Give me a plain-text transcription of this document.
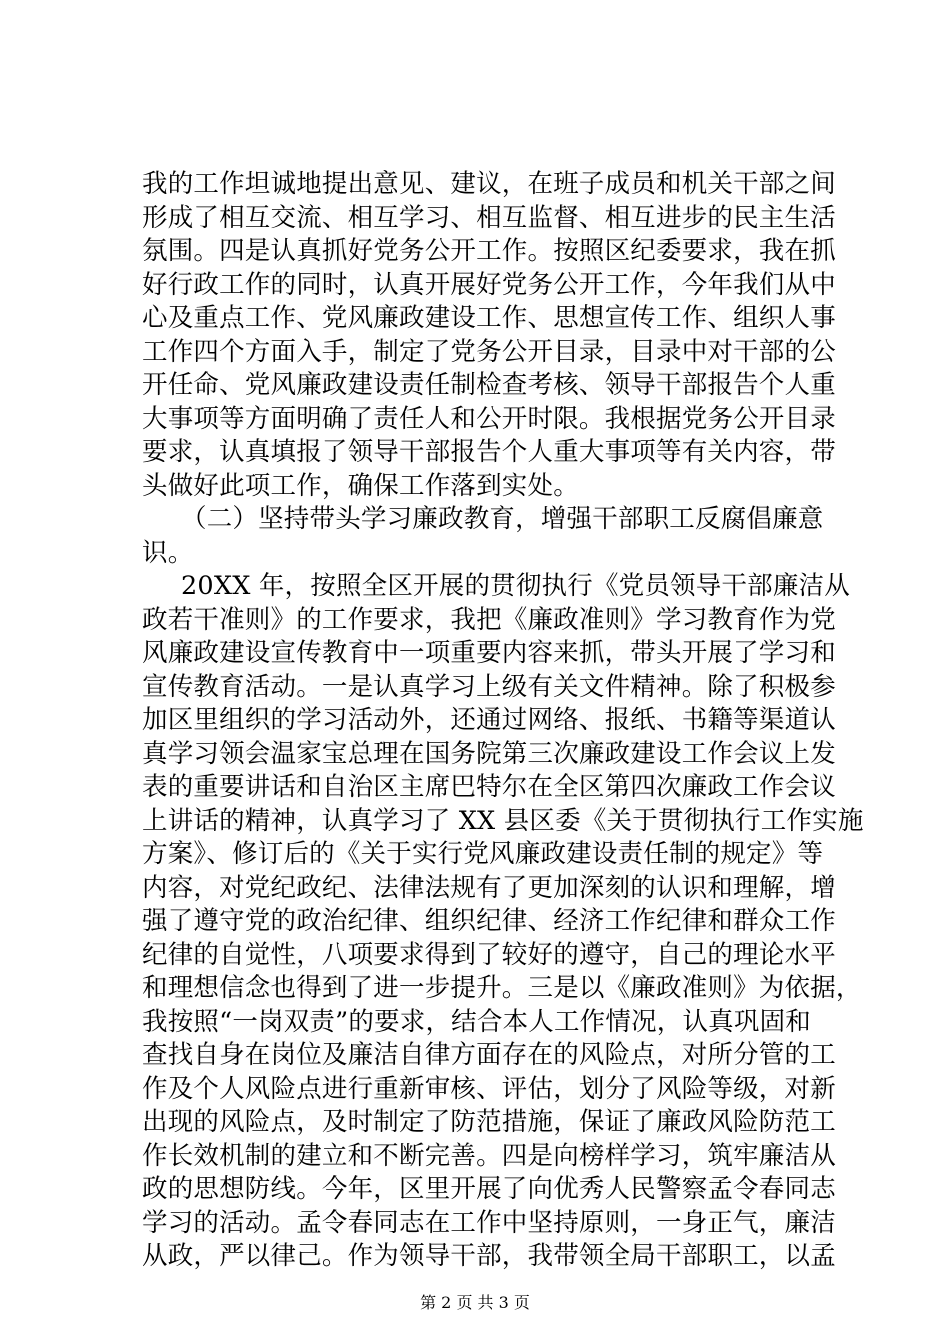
我的工作坦诚地提出意见、建议，在班子成员和机关干部之间
形成了相互交流、相互学习、相互监督、相互进步的民主生活
氛围。四是认真抓好党务公开工作。按照区纪委要求，我在抓
好行政工作的同时，认真开展好党务公开工作，今年我们从中
心及重点工作、党风廉政建设工作、思想宣传工作、组织人事
工作四个方面入手，制定了党务公开目录，目录中对干部的公
开任命、党风廉政建设责任制检查考核、领导干部报告个人重
大事项等方面明确了责任人和公开时限。我根据党务公开目录
要求，认真填报了领导干部报告个人重大事项等有关内容，带
头做好此项工作，确保工作落到实处。
（二）坚持带头学习廉政教育，增强干部职工反腐倡廉意
识。
20XX 年，按照全区开展的贯彻执行《党员领导干部廉洁从
政若干准则》的工作要求，我把《廉政准则》学习教育作为党
风廉政建设宣传教育中一项重要内容来抓，带头开展了学习和
宣传教育活动。一是认真学习上级有关文件精神。除了积极参
加区里组织的学习活动外，还通过网络、报纸、书籍等渠道认
真学习领会温家宝总理在国务院第三次廉政建设工作会议上发
表的重要讲话和自治区主席巴特尔在全区第四次廉政工作会议
上讲话的精神，认真学习了 XX 县区委《关于贯彻执行工作实施
方案》、修订后的《关于实行党风廉政建设责任制的规定》等
内容，对党纪政纪、法律法规有了更加深刻的认识和理解，增
强了遵守党的政治纪律、组织纪律、经济工作纪律和群众工作
纪律的自觉性，八项要求得到了较好的遵守，自己的理论水平
和理想信念也得到了进一步提升。三是以《廉政准则》为依据，
我按照“一岗双责”的要求，结合本人工作情况，认真巩固和
查找自身在岗位及廉洁自律方面存在的风险点，对所分管的工
作及个人风险点进行重新审核、评估，划分了风险等级，对新
出现的风险点，及时制定了防范措施，保证了廉政风险防范工
作长效机制的建立和不断完善。四是向榜样学习，筑牢廉洁从
政的思想防线。今年，区里开展了向优秀人民警察孟令春同志
学习的活动。孟令春同志在工作中坚持原则，一身正气，廉洁
从政，严以律己。作为领导干部，我带领全局干部职工，以孟
第 2 页 共 3 页
